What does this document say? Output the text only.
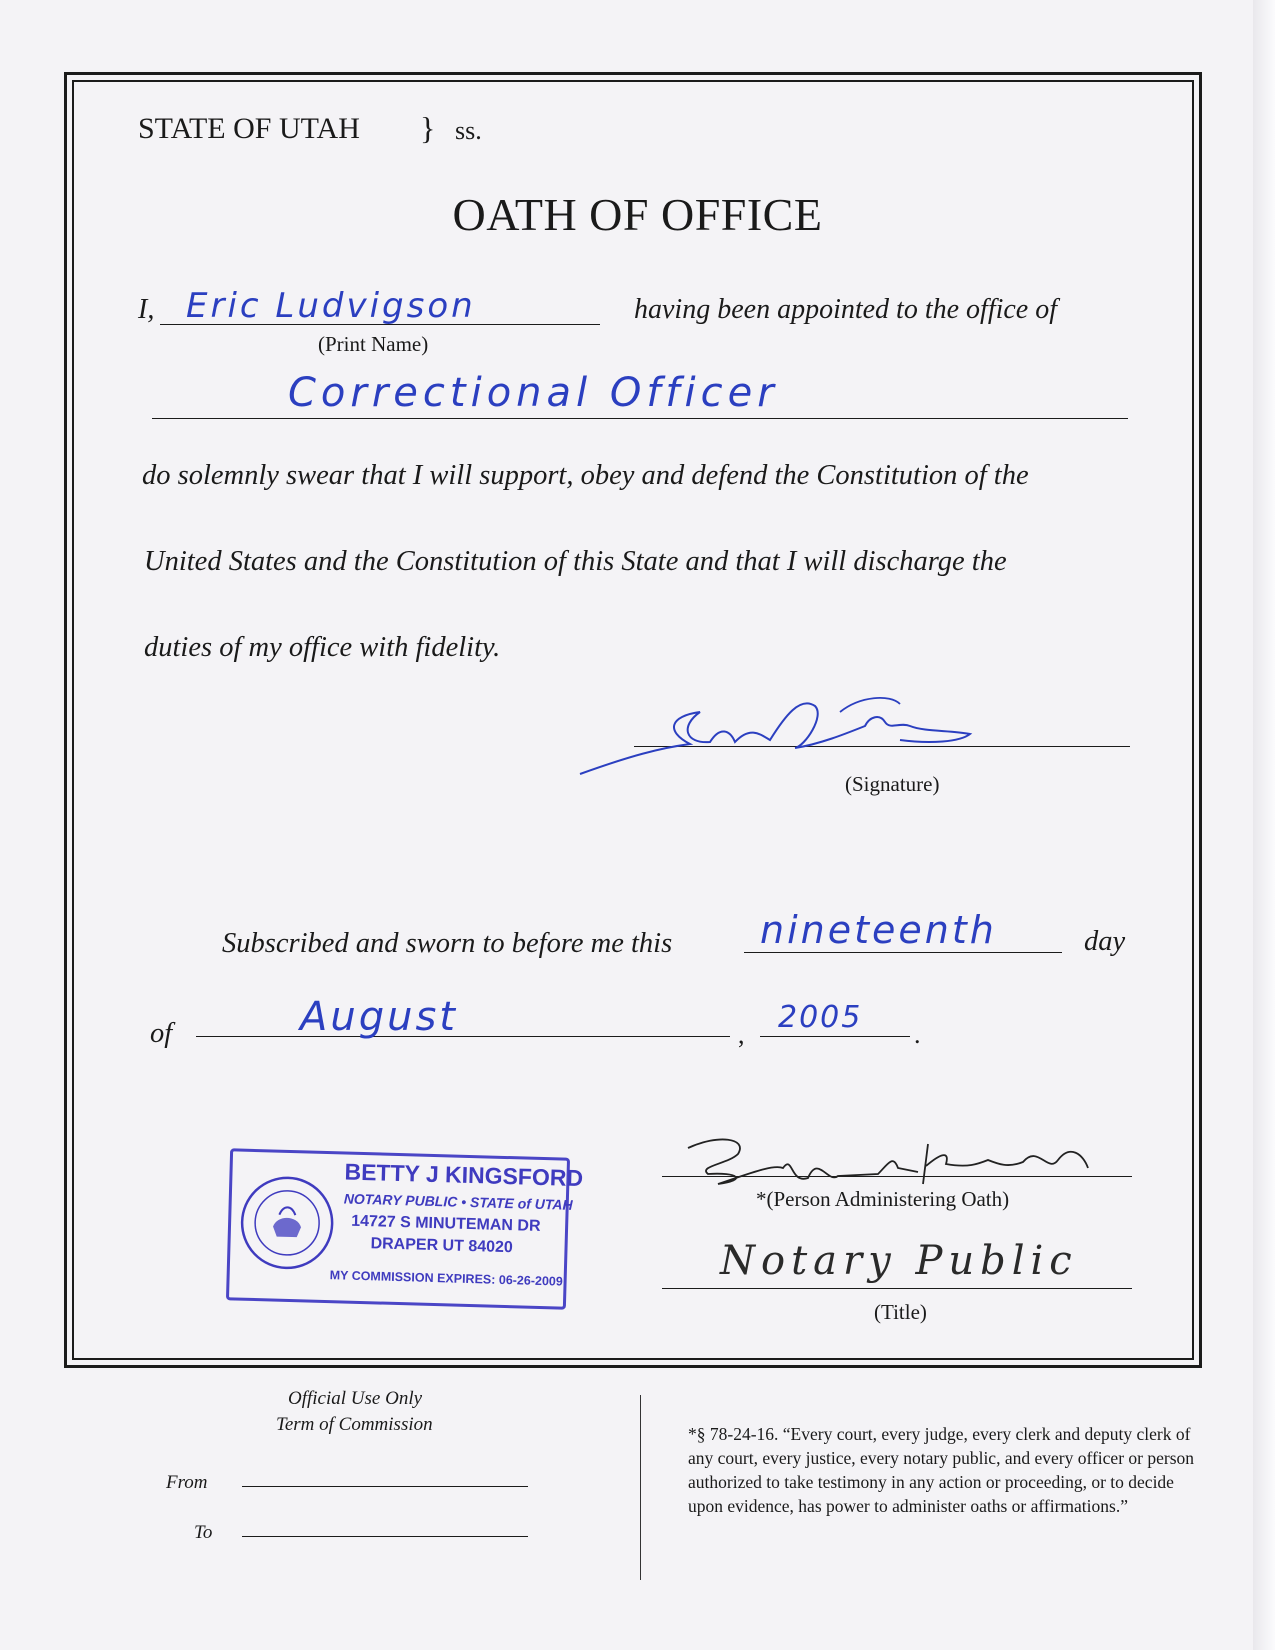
STATE OF UTAH } ss.
OATH OF OFFICE
I, Eric Ludvigson
(Print Name)
having been appointed to the office of
Correctional Officer
do solemnly swear that I will support, obey and defend the Constitution of the
United States and the Constitution of this State and that I will discharge the
duties of my office with fidelity.
(Signature)
Subscribed and sworn to before me this nineteenth	day
of	August	, 2005 .
*(Person Administering Oath)
Notary Public
(Title)
BETTY J KINGSFORD
NOTARY PUBLIC • STATE of UTAH
14727 S MINUTEMAN DR
DRAPER UT 84020
MY COMMISSION EXPIRES: 06-26-2009
Official Use Only
Term of Commission
From
To
*§ 78-24-16. “Every court, every judge, every clerk and deputy clerk of any court, every justice, every notary public, and every officer or person authorized to take testimony in any action or proceeding, or to decide upon evidence, has power to administer oaths or affirmations.”
